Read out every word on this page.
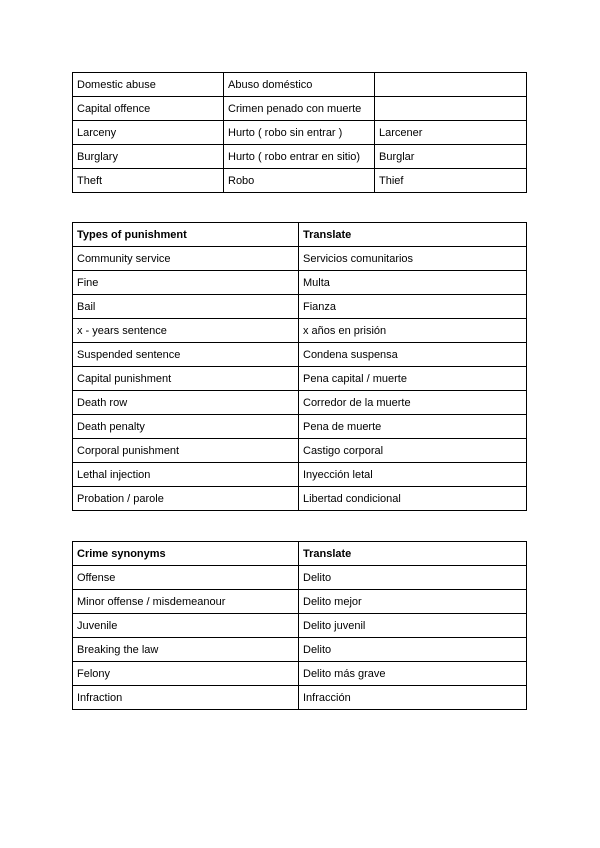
Domestic abuse	Abuso doméstico	
Capital offence	Crimen penado con muerte	
Larceny	Hurto ( robo sin entrar )	Larcener
Burglary	Hurto ( robo entrar en sitio)	Burglar
Theft	Robo	Thief
Types of punishment	Translate
Community service	Servicios comunitarios
Fine	Multa
Bail	Fianza
x - years sentence	x años en prisión
Suspended sentence	Condena suspensa
Capital punishment	Pena capital / muerte
Death row	Corredor de la muerte
Death penalty	Pena de muerte
Corporal punishment	Castigo corporal
Lethal injection	Inyección letal
Probation / parole	Libertad condicional
Crime synonyms	Translate
Offense	Delito
Minor offense / misdemeanour	Delito mejor
Juvenile	Delito juvenil
Breaking the law	Delito
Felony	Delito más grave
Infraction	Infracción
